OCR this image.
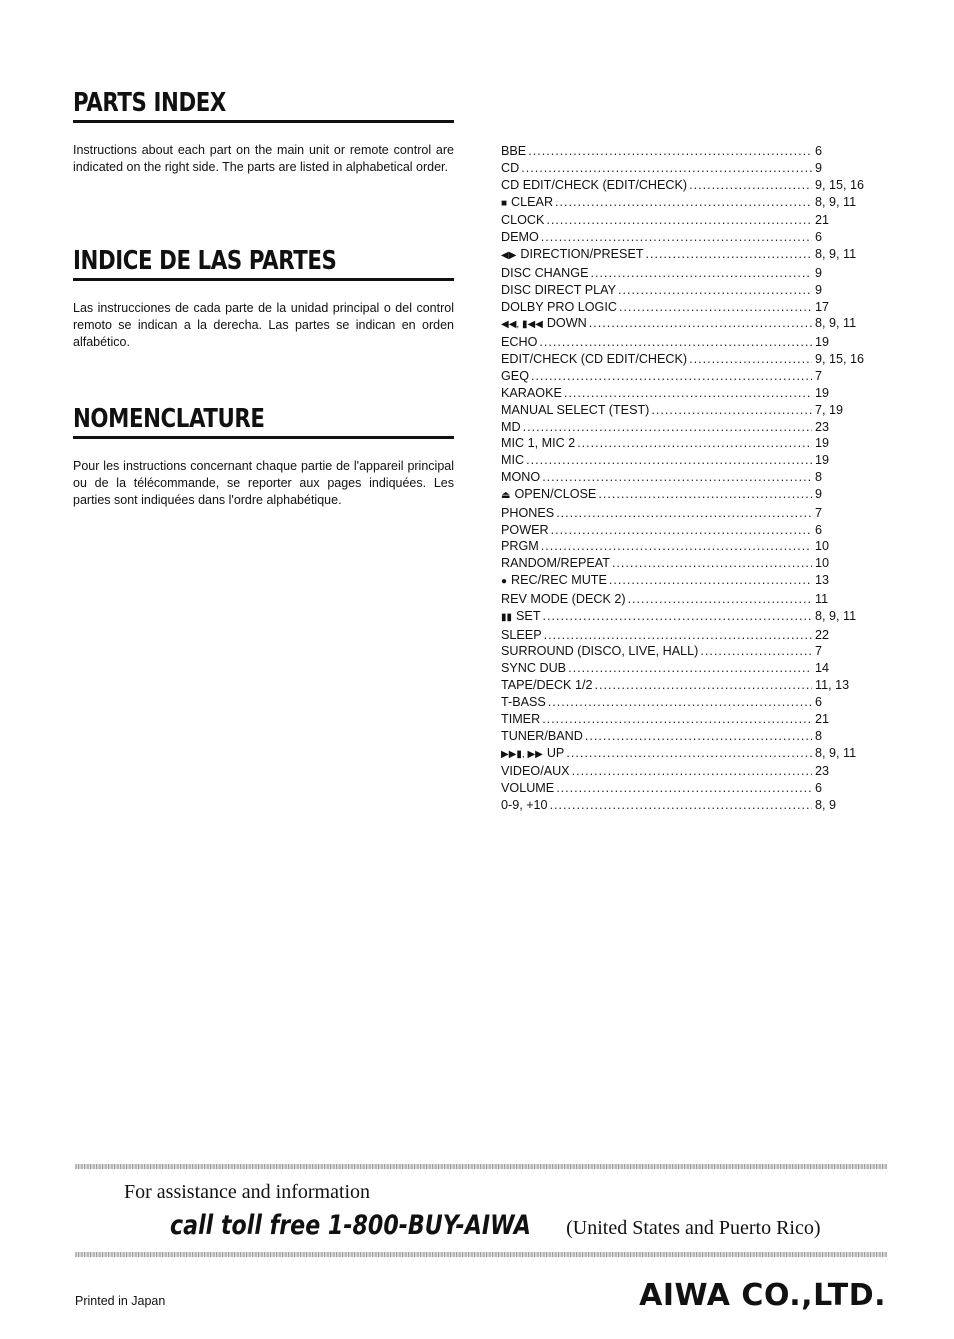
PARTS INDEX

Instructions about each part on the main unit or remote control are indicated on the right side. The parts are listed in alphabetical order.

INDICE DE LAS PARTES

Las instrucciones de cada parte de la unidad principal o del control remoto se indican a la derecha. Las partes se indican en orden alfabético.

NOMENCLATURE

Pour les instructions concernant chaque partie de l'appareil principal ou de la télécommande, se reporter aux pages indiquées. Les parties sont indiquées dans l'ordre alphabétique.

BBE .....	6
CD .....	9
CD EDIT/CHECK (EDIT/CHECK) .....	9, 15, 16
■ CLEAR .....	8, 9, 11
CLOCK .....	21
DEMO .....	6
◀▶ DIRECTION/PRESET .....	8, 9, 11
DISC CHANGE .....	9
DISC DIRECT PLAY .....	9
DOLBY PRO LOGIC .....	17
◀◀, ▮◀◀ DOWN .....	8, 9, 11
ECHO .....	19
EDIT/CHECK (CD EDIT/CHECK) .....	9, 15, 16
GEQ .....	7
KARAOKE .....	19
MANUAL SELECT (TEST) .....	7, 19
MD .....	23
MIC 1, MIC 2 .....	19
MIC .....	19
MONO .....	8
⏏ OPEN/CLOSE .....	9
PHONES .....	7
POWER .....	6
PRGM .....	10
RANDOM/REPEAT .....	10
● REC/REC MUTE .....	13
REV MODE (DECK 2) .....	11
▮▮ SET .....	8, 9, 11
SLEEP .....	22
SURROUND (DISCO, LIVE, HALL) .....	7
SYNC DUB .....	14
TAPE/DECK 1/2 .....	11, 13
T-BASS .....	6
TIMER .....	21
TUNER/BAND .....	8
▶▶▮, ▶▶ UP .....	8, 9, 11
VIDEO/AUX .....	23
VOLUME .....	6
0-9, +10 .....	8, 9
For assistance and information
call toll free 1-800-BUY-AIWA (United States and Puerto Rico)
Printed in Japan	AIWA CO.,LTD.
